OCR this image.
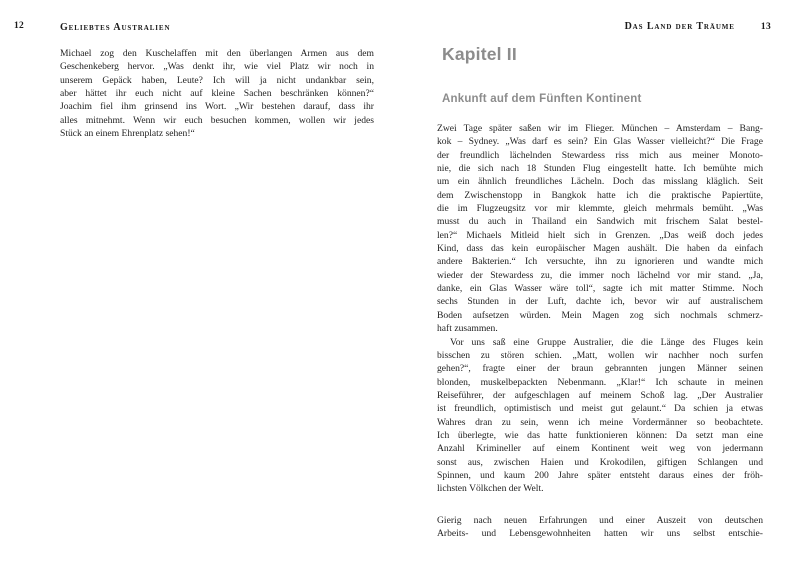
12	Geliebtes Australien
Michael zog den Kuschelaffen mit den überlangen Armen aus dem
Geschenkeberg hervor. „Was denkt ihr, wie viel Platz wir noch in
unserem Gepäck haben, Leute? Ich will ja nicht undankbar sein,
aber hättet ihr euch nicht auf kleine Sachen beschränken können?“
Joachim fiel ihm grinsend ins Wort. „Wir bestehen darauf, dass ihr
alles mitnehmt. Wenn wir euch besuchen kommen, wollen wir jedes
Stück an einem Ehrenplatz sehen!“
Das Land der Träume	13
Kapitel II
Ankunft auf dem Fünften Kontinent
Zwei Tage später saßen wir im Flieger. München – Amsterdam – Bang-
kok – Sydney. „Was darf es sein? Ein Glas Wasser vielleicht?“ Die Frage
der freundlich lächelnden Stewardess riss mich aus meiner Monoto-
nie, die sich nach 18 Stunden Flug eingestellt hatte. Ich bemühte mich
um ein ähnlich freundliches Lächeln. Doch das misslang kläglich. Seit
dem Zwischenstopp in Bangkok hatte ich die praktische Papiertüte,
die im Flugzeugsitz vor mir klemmte, gleich mehrmals bemüht. „Was
musst du auch in Thailand ein Sandwich mit frischem Salat bestel-
len?“ Michaels Mitleid hielt sich in Grenzen. „Das weiß doch jedes
Kind, dass das kein europäischer Magen aushält. Die haben da einfach
andere Bakterien.“ Ich versuchte, ihn zu ignorieren und wandte mich
wieder der Stewardess zu, die immer noch lächelnd vor mir stand. „Ja,
danke, ein Glas Wasser wäre toll“, sagte ich mit matter Stimme. Noch
sechs Stunden in der Luft, dachte ich, bevor wir auf australischem
Boden aufsetzen würden. Mein Magen zog sich nochmals schmerz-
haft zusammen.
Vor uns saß eine Gruppe Australier, die die Länge des Fluges kein
bisschen zu stören schien. „Matt, wollen wir nachher noch surfen
gehen?“, fragte einer der braun gebrannten jungen Männer seinen
blonden, muskelbepackten Nebenmann. „Klar!“ Ich schaute in meinen
Reiseführer, der aufgeschlagen auf meinem Schoß lag. „Der Australier
ist freundlich, optimistisch und meist gut gelaunt.“ Da schien ja etwas
Wahres dran zu sein, wenn ich meine Vordermänner so beobachtete.
Ich überlegte, wie das hatte funktionieren können: Da setzt man eine
Anzahl Krimineller auf einem Kontinent weit weg von jedermann
sonst aus, zwischen Haien und Krokodilen, giftigen Schlangen und
Spinnen, und kaum 200 Jahre später entsteht daraus eines der fröh-
lichsten Völkchen der Welt.
Gierig nach neuen Erfahrungen und einer Auszeit von deutschen
Arbeits- und Lebensgewohnheiten hatten wir uns selbst entschie-
